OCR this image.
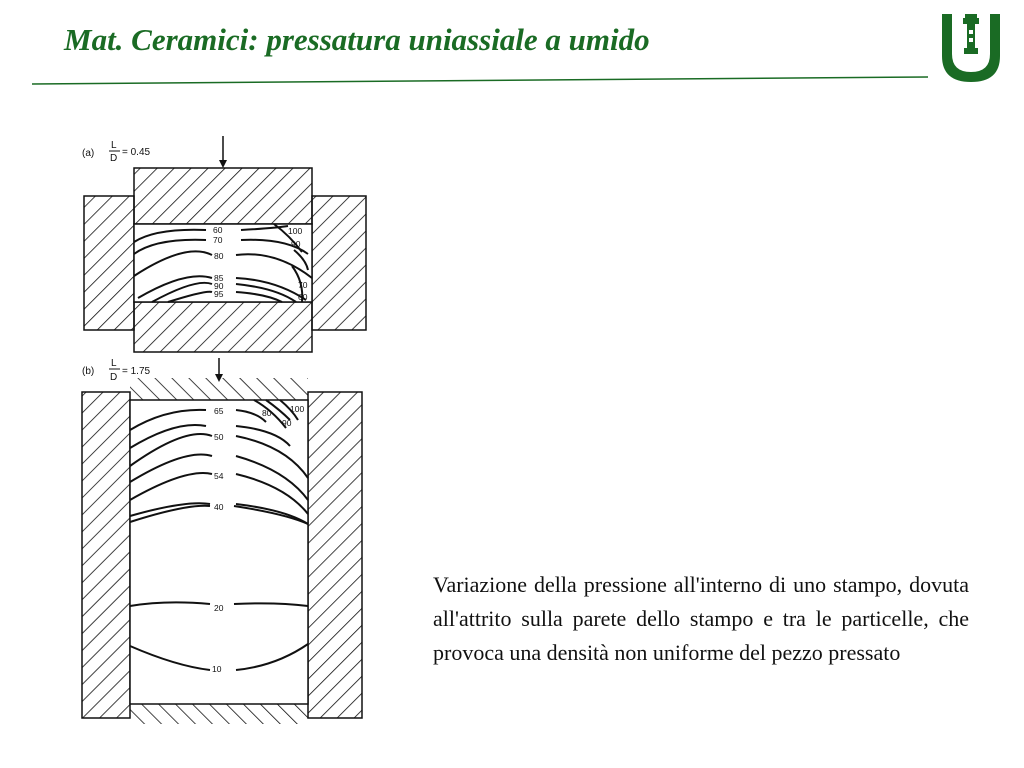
Mat. Ceramici: pressatura uniassiale a umido
(a)
L
D
= 0.45
60
70
80
85
90
95
100
90
70
60
(b)
L
D
= 1.75
65
50
54
40
20
10
80
90
100

Variazione della pressione all'interno di uno stampo, dovuta all'attrito sulla parete dello stampo e tra le particelle, che provoca una densità non uniforme del pezzo pressato
